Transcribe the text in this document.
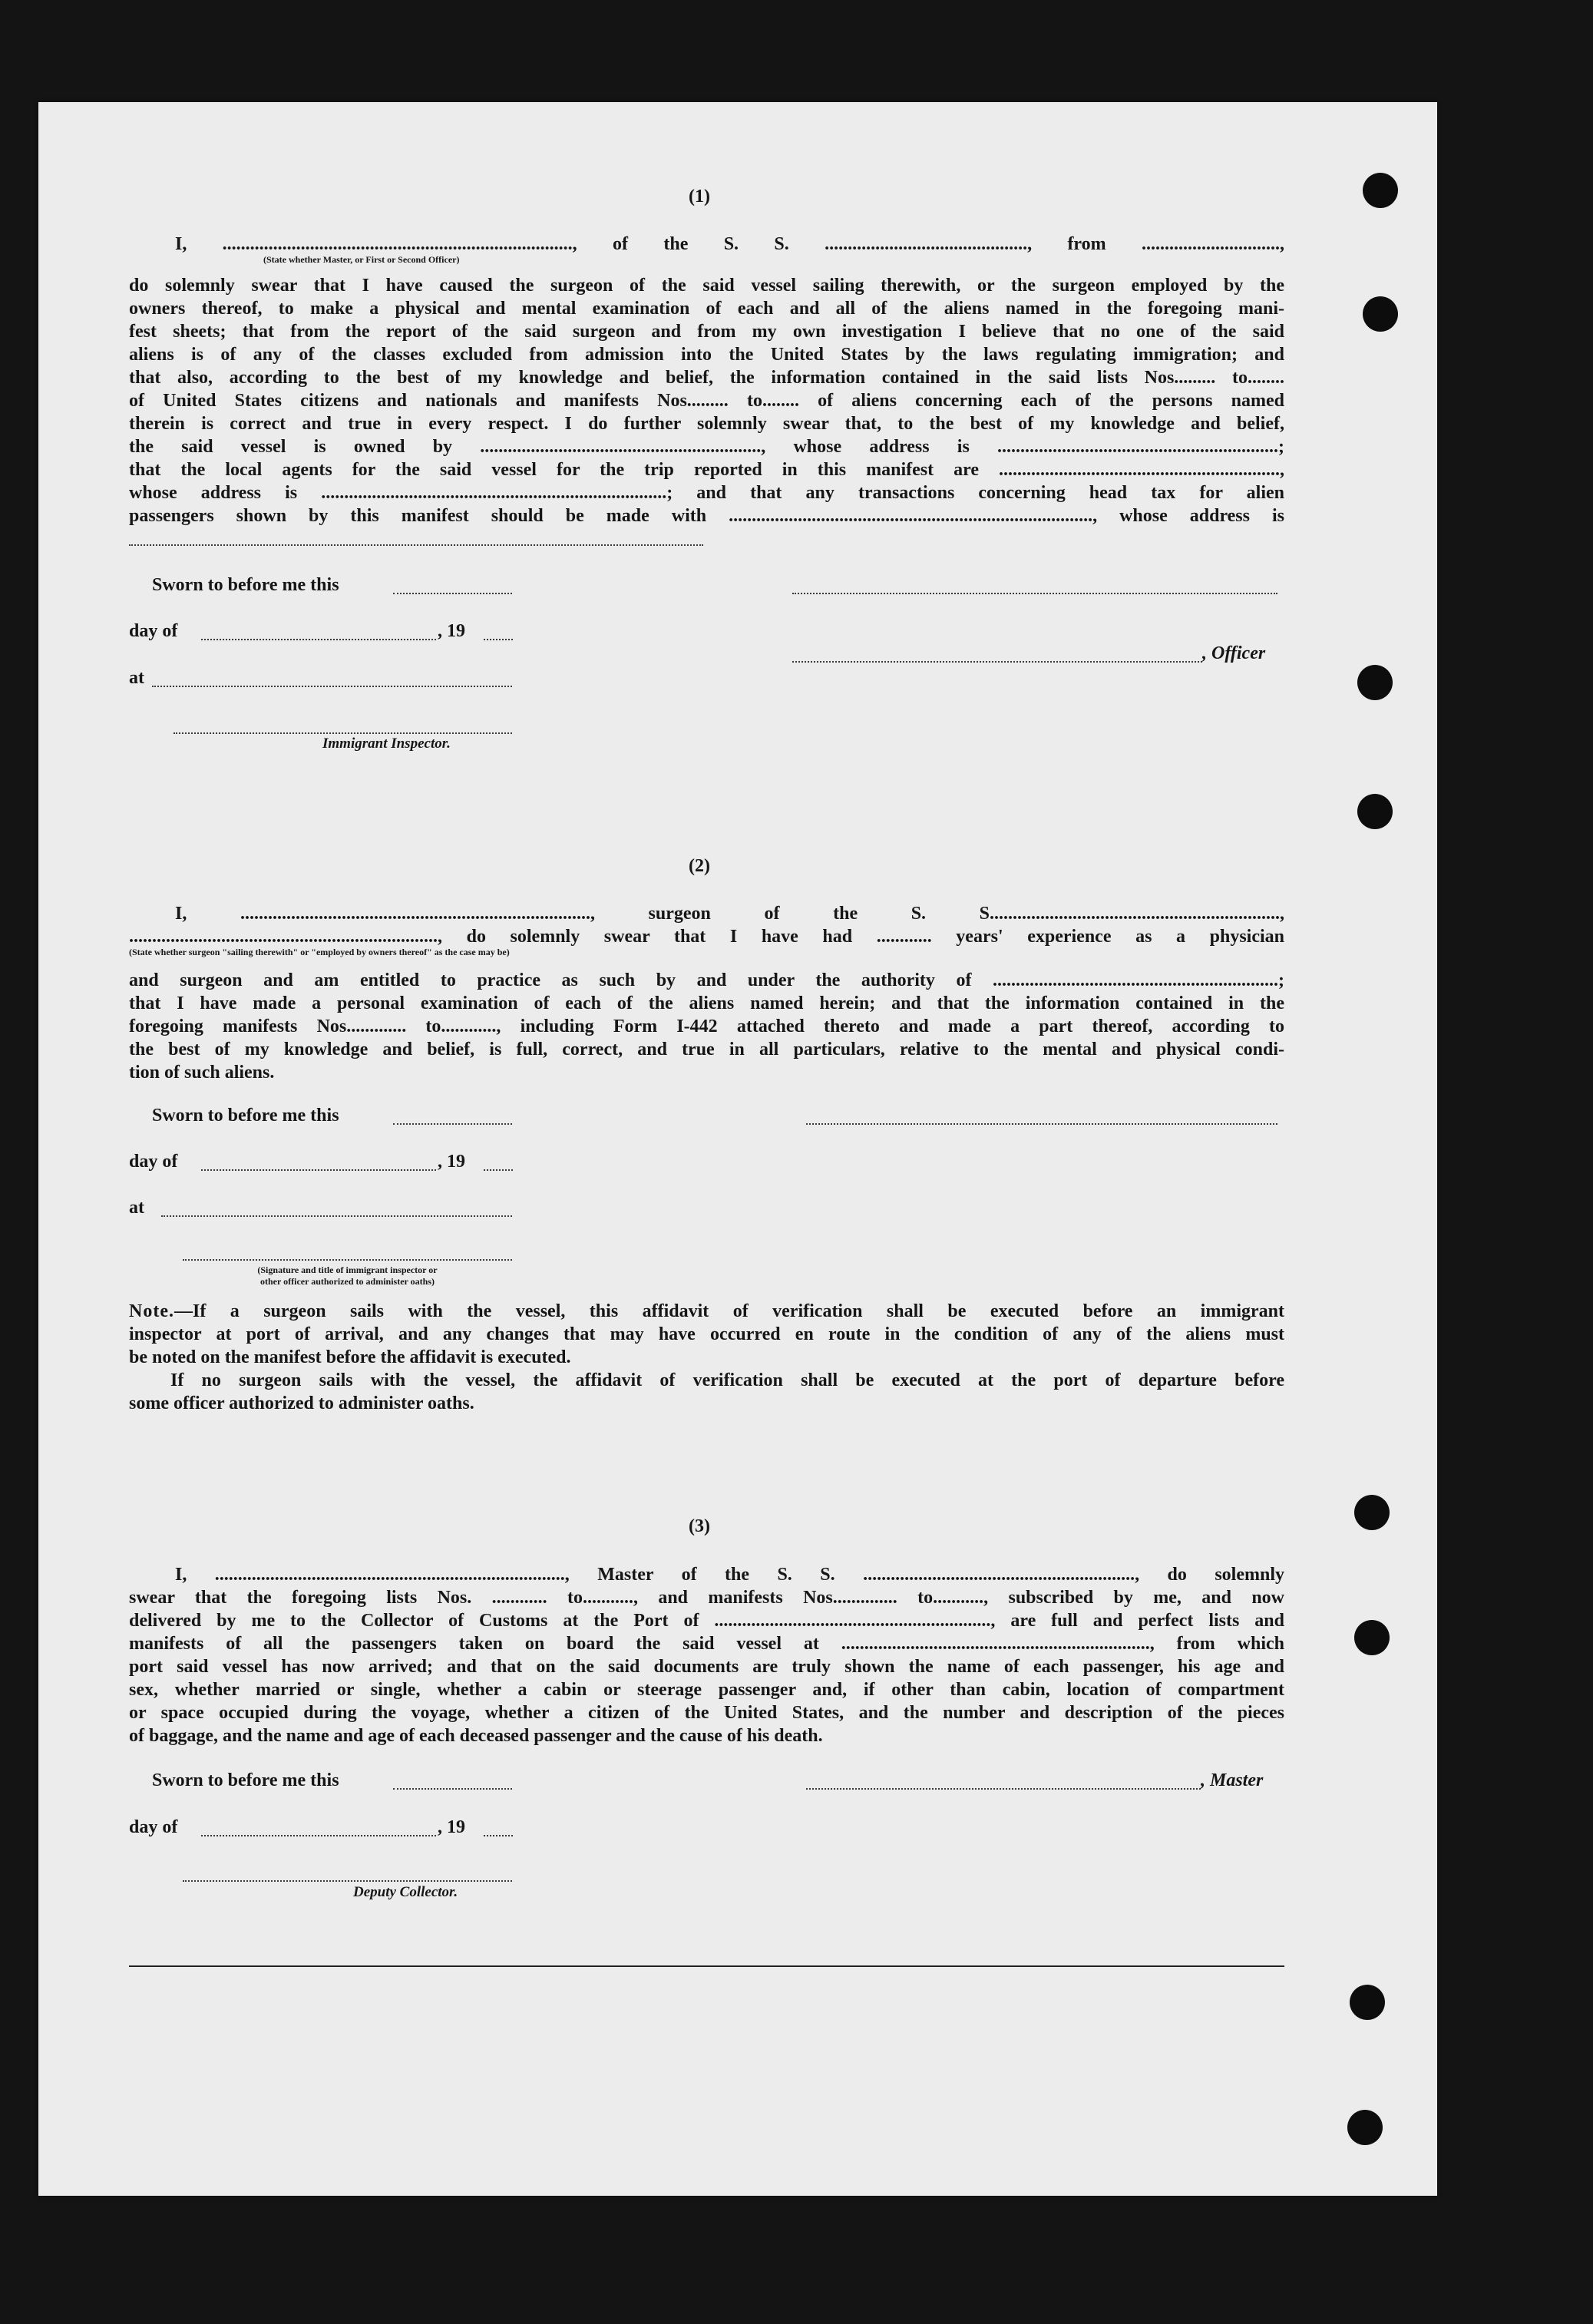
(1)
I, ............................................................................, of the S. S. ............................................, from ..............................,
(State whether Master, or First or Second Officer)
do solemnly swear that I have caused the surgeon of the said vessel sailing therewith, or the surgeon employed by the
owners thereof, to make a physical and mental examination of each and all of the aliens named in the foregoing mani-
fest sheets; that from the report of the said surgeon and from my own investigation I believe that no one of the said
aliens is of any of the classes excluded from admission into the United States by the laws regulating immigration; and
that also, according to the best of my knowledge and belief, the information contained in the said lists Nos......... to........
of United States citizens and nationals and manifests Nos......... to........ of aliens concerning each of the persons named
therein is correct and true in every respect. I do further solemnly swear that, to the best of my knowledge and belief,
the said vessel is owned by ............................................................., whose address is .............................................................;
that the local agents for the said vessel for the trip reported in this manifest are .............................................................,
whose address is ...........................................................................; and that any transactions concerning head tax for alien
passengers shown by this manifest should be made with ..............................................................................., whose address is
Sworn to before me this
day of	, 19
, Officer
at
Immigrant Inspector.
(2)
I, ............................................................................, surgeon of the S. S...............................................................,
..................................................................., do solemnly swear that I have had ............ years' experience as a physician
(State whether surgeon "sailing therewith" or "employed by owners thereof" as the case may be)
and surgeon and am entitled to practice as such by and under the authority of ..............................................................;
that I have made a personal examination of each of the aliens named herein; and that the information contained in the
foregoing manifests Nos............. to............, including Form I-442 attached thereto and made a part thereof, according to
the best of my knowledge and belief, is full, correct, and true in all particulars, relative to the mental and physical condi-
tion of such aliens.
Sworn to before me this
day of	, 19
at
(Signature and title of immigrant inspector or
other officer authorized to administer oaths)
Note.—If a surgeon sails with the vessel, this affidavit of verification shall be executed before an immigrant
inspector at port of arrival, and any changes that may have occurred en route in the condition of any of the aliens must
be noted on the manifest before the affidavit is executed.
If no surgeon sails with the vessel, the affidavit of verification shall be executed at the port of departure before
some officer authorized to administer oaths.
(3)
I, ............................................................................, Master of the S. S. ..........................................................., do solemnly
swear that the foregoing lists Nos. ............ to..........., and manifests Nos.............. to..........., subscribed by me, and now
delivered by me to the Collector of Customs at the Port of ............................................................, are full and perfect lists and
manifests of all the passengers taken on board the said vessel at ..................................................................., from which
port said vessel has now arrived; and that on the said documents are truly shown the name of each passenger, his age and
sex, whether married or single, whether a cabin or steerage passenger and, if other than cabin, location of compartment
or space occupied during the voyage, whether a citizen of the United States, and the number and description of the pieces
of baggage, and the name and age of each deceased passenger and the cause of his death.
Sworn to before me this	, Master
day of	, 19
Deputy Collector.
